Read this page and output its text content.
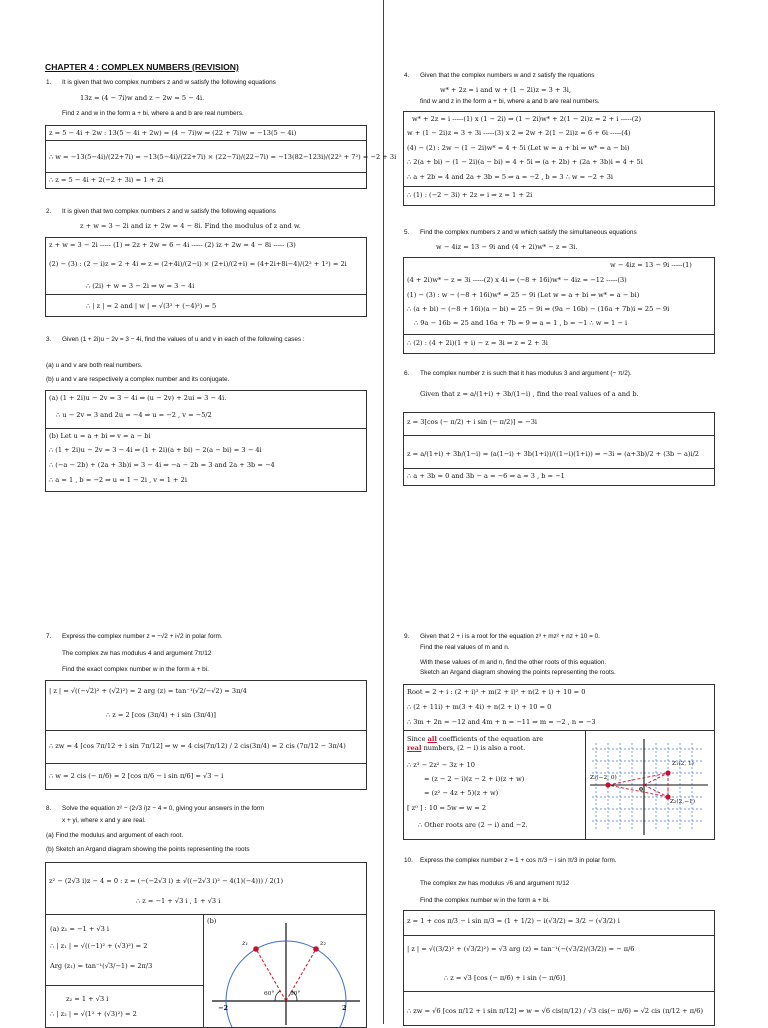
CHAPTER 4 : COMPLEX NUMBERS (REVISION)
1. It is given that two complex numbers z and w satisfy the following equations
13z = (4 − 7i)w and z − 2w = 5 − 4i.
Find z and w in the form a + bi, where a and b are real numbers.
z = 5 − 4i + 2w : 13(5 − 4i + 2w) = (4 − 7i)w ⇒ (22 + 7i)w = −13(5 − 4i)
∴ w = −13(5−4i)/(22+7i) = −13(5−4i)/(22+7i) × (22−7i)/(22−7i) = −13(82−123i)/(22² + 7²) = −2 + 3i
∴ z = 5 − 4i + 2(−2 + 3i) = 1 + 2i
2. It is given that two complex numbers z and w satisfy the following equations
z + w = 3 − 2i and iz + 2w = 4 − 8i. Find the modulus of z and w.
z + w = 3 − 2i ----- (1) ⇒ 2z + 2w = 6 − 4i ----- (2) iz + 2w = 4 − 8i ----- (3)
(2) − (3) : (2 − i)z = 2 + 4i ⇒ z = (2+4i)/(2−i) × (2+i)/(2+i) = (4+2i+8i−4)/(2² + 1²) = 2i
∴ (2i) + w = 3 − 2i ⇒ w = 3 − 4i
∴ | z | = 2 and | w | = √(3² + (−4)²) = 5
3. Given (1 + 2i)u − 2v = 3 − 4i, find the values of u and v in each of the following cases :
(a) u and v are both real numbers.
(b) u and v are respectively a complex number and its conjugate.
(a) (1 + 2i)u − 2v = 3 − 4i ⇒ (u − 2v) + 2ui = 3 − 4i.
∴ u − 2v = 3 and 2u = −4 ⇒ u = −2 , v = −5/2
(b) Let u = a + bi ⇒ v = a − bi
∴ (1 + 2i)u − 2v = 3 − 4i ⇒ (1 + 2i)(a + bi) − 2(a − bi) = 3 − 4i
∴ (−a − 2b) + (2a + 3b)i = 3 − 4i ⇒ −a − 2b = 3 and 2a + 3b = −4
∴ a = 1 , b = −2 ⇒ u = 1 − 2i , v = 1 + 2i
4. Given that the complex numbers w and z satisfy the rquations
w* + 2z = i and w + (1 − 2i)z = 3 + 3i,
find w and z in the form a + bi, where a and b are real numbers.
w* + 2z = i -----(1) x (1 − 2i) ⇒ (1 − 2i)w* + 2(1 − 2i)z = 2 + i -----(2)
w + (1 − 2i)z = 3 + 3i -----(3) x 2 ⇒ 2w + 2(1 − 2i)z = 6 + 6i -----(4)
(4) − (2) : 2w − (1 − 2i)w* = 4 + 5i (Let w = a + bi ⇒ w* = a − bi)
∴ 2(a + bi) − (1 − 2i)(a − bi) = 4 + 5i ⇒ (a + 2b) + (2a + 3b)i = 4 + 5i
∴ a + 2b = 4 and 2a + 3b = 5 ⇒ a = −2 , b = 3 ∴ w = −2 + 3i
∴ (1) : (−2 − 3i) + 2z = i ⇒ z = 1 + 2i
5. Find the complex numbers z and w which satisfy the simultaneous equations
w − 4iz = 13 − 9i and (4 + 2i)w* − z = 3i.
w − 4iz = 13 − 9i -----(1)
(4 + 2i)w* − z = 3i -----(2) x 4i ⇒ (−8 + 16i)w* − 4iz = −12 -----(3)
(1) − (3) : w − (−8 + 16i)w* = 25 − 9i (Let w = a + bi ⇒ w* = a − bi)
∴ (a + bi) − (−8 + 16i)(a − bi) = 25 − 9i ⇒ (9a − 16b) − (16a + 7b)i = 25 − 9i
∴ 9a − 16b = 25 and 16a + 7b = 9 ⇒ a = 1 , b = −1 ∴ w = 1 − i
∴ (2) : (4 + 2i)(1 + i) − z = 3i ⇒ z = 2 + 3i
6. The complex number z is such that it has modulus 3 and argument (− π/2).
Given that z = a/(1+i) + 3b/(1−i) , find the real values of a and b.
z = 3[cos (− π/2) + i sin (− π/2)] = −3i
z = a/(1+i) + 3b/(1−i) = (a(1−i) + 3b(1+i))/((1−i)(1+i)) ⇒ −3i = (a+3b)/2 + (3b − a)i/2
∴ a + 3b = 0 and 3b − a = −6 ⇒ a = 3 , b = −1
7. Express the complex number z = −√2 + i√2 in polar form.
The complex zw has modulus 4 and argument 7π/12
Find the exact complex number w in the form a + bi.
| z | = √((−√2)² + (√2)²) = 2 arg (z) = tan⁻¹(√2/−√2) = 3π/4
∴ z = 2 [cos (3π/4) + i sin (3π/4)]
∴ zw = 4 [cos 7π/12 + i sin 7π/12] ⇒ w = 4 cis(7π/12) / 2 cis(3π/4) = 2 cis (7π/12 − 3π/4)
∴ w = 2 cis (− π/6) = 2 [cos π/6 − i sin π/6] = √3 − i
8. Solve the equation z² − (2√3 i)z − 4 = 0, giving your answers in the form
x + yi, where x and y are real.
(a) Find the modulus and argument of each root.
(b) Sketch an Argand diagram showing the points representing the roots
z² − (2√3 i)z − 4 = 0 : z = (−(−2√3 i) ± √((−2√3 i)² − 4(1)(−4))) / 2(1)
∴ z = −1 + √3 i , 1 + √3 i
(a) z₁ = −1 + √3 i
∴ | z₁ | = √((−1)² + (√3)²) = 2
Arg (z₁) = tan⁻¹(√3/−1) = 2π/3
z₂ = 1 + √3 i
∴ | z₂ | = √(1² + (√3)²) = 2
(b)
z₁	z₂
60°	60°
−2	2
9. Given that 2 + i is a root for the equation z³ + mz² + nz + 10 = 0.
Find the real values of m and n.
With these values of m and n, find the other roots of this equation.
Sketch an Argand diagram showing the points representing the roots.
Root = 2 + i : (2 + i)³ + m(2 + i)² + n(2 + i) + 10 = 0
∴ (2 + 11i) + m(3 + 4i) + n(2 + i) + 10 = 0
∴ 3m + 2n = −12 and 4m + n = −11 ⇒ m = −2 , n = −3
Since all coefficients of the equation are
real numbers, (2 − i) is also a root.
∴ z³ − 2z² − 3z + 10
= (z − 2 − i)(z − 2 + i)(z + w)
= (z² − 4z + 5)(z + w)
[ z⁰ ] : 10 = 5w ⇒ w = 2
∴ Other roots are (2 − i) and −2.
Z₁(2, 1)
Z₂(2,−1)
Z₃(−2, 0)
0
10. Express the complex number z = 1 + cos π/3 − i sin π/3 in polar form.
The complex zw has modulus √6 and argument π/12
Find the complex number w in the form a + bi.
z = 1 + cos π/3 − i sin π/3 = (1 + 1/2) − i(√3/2) = 3/2 − (√3/2) i
| z | = √((3/2)² + (√3/2)²) = √3 arg (z) = tan⁻¹(−(√3/2)/(3/2)) = − π/6
∴ z = √3 [cos (− π/6) + i sin (− π/6)]
∴ zw = √6 [cos π/12 + i sin π/12] ⇒ w = √6 cis(π/12) / √3 cis(− π/6) = √2 cis (π/12 + π/6)
